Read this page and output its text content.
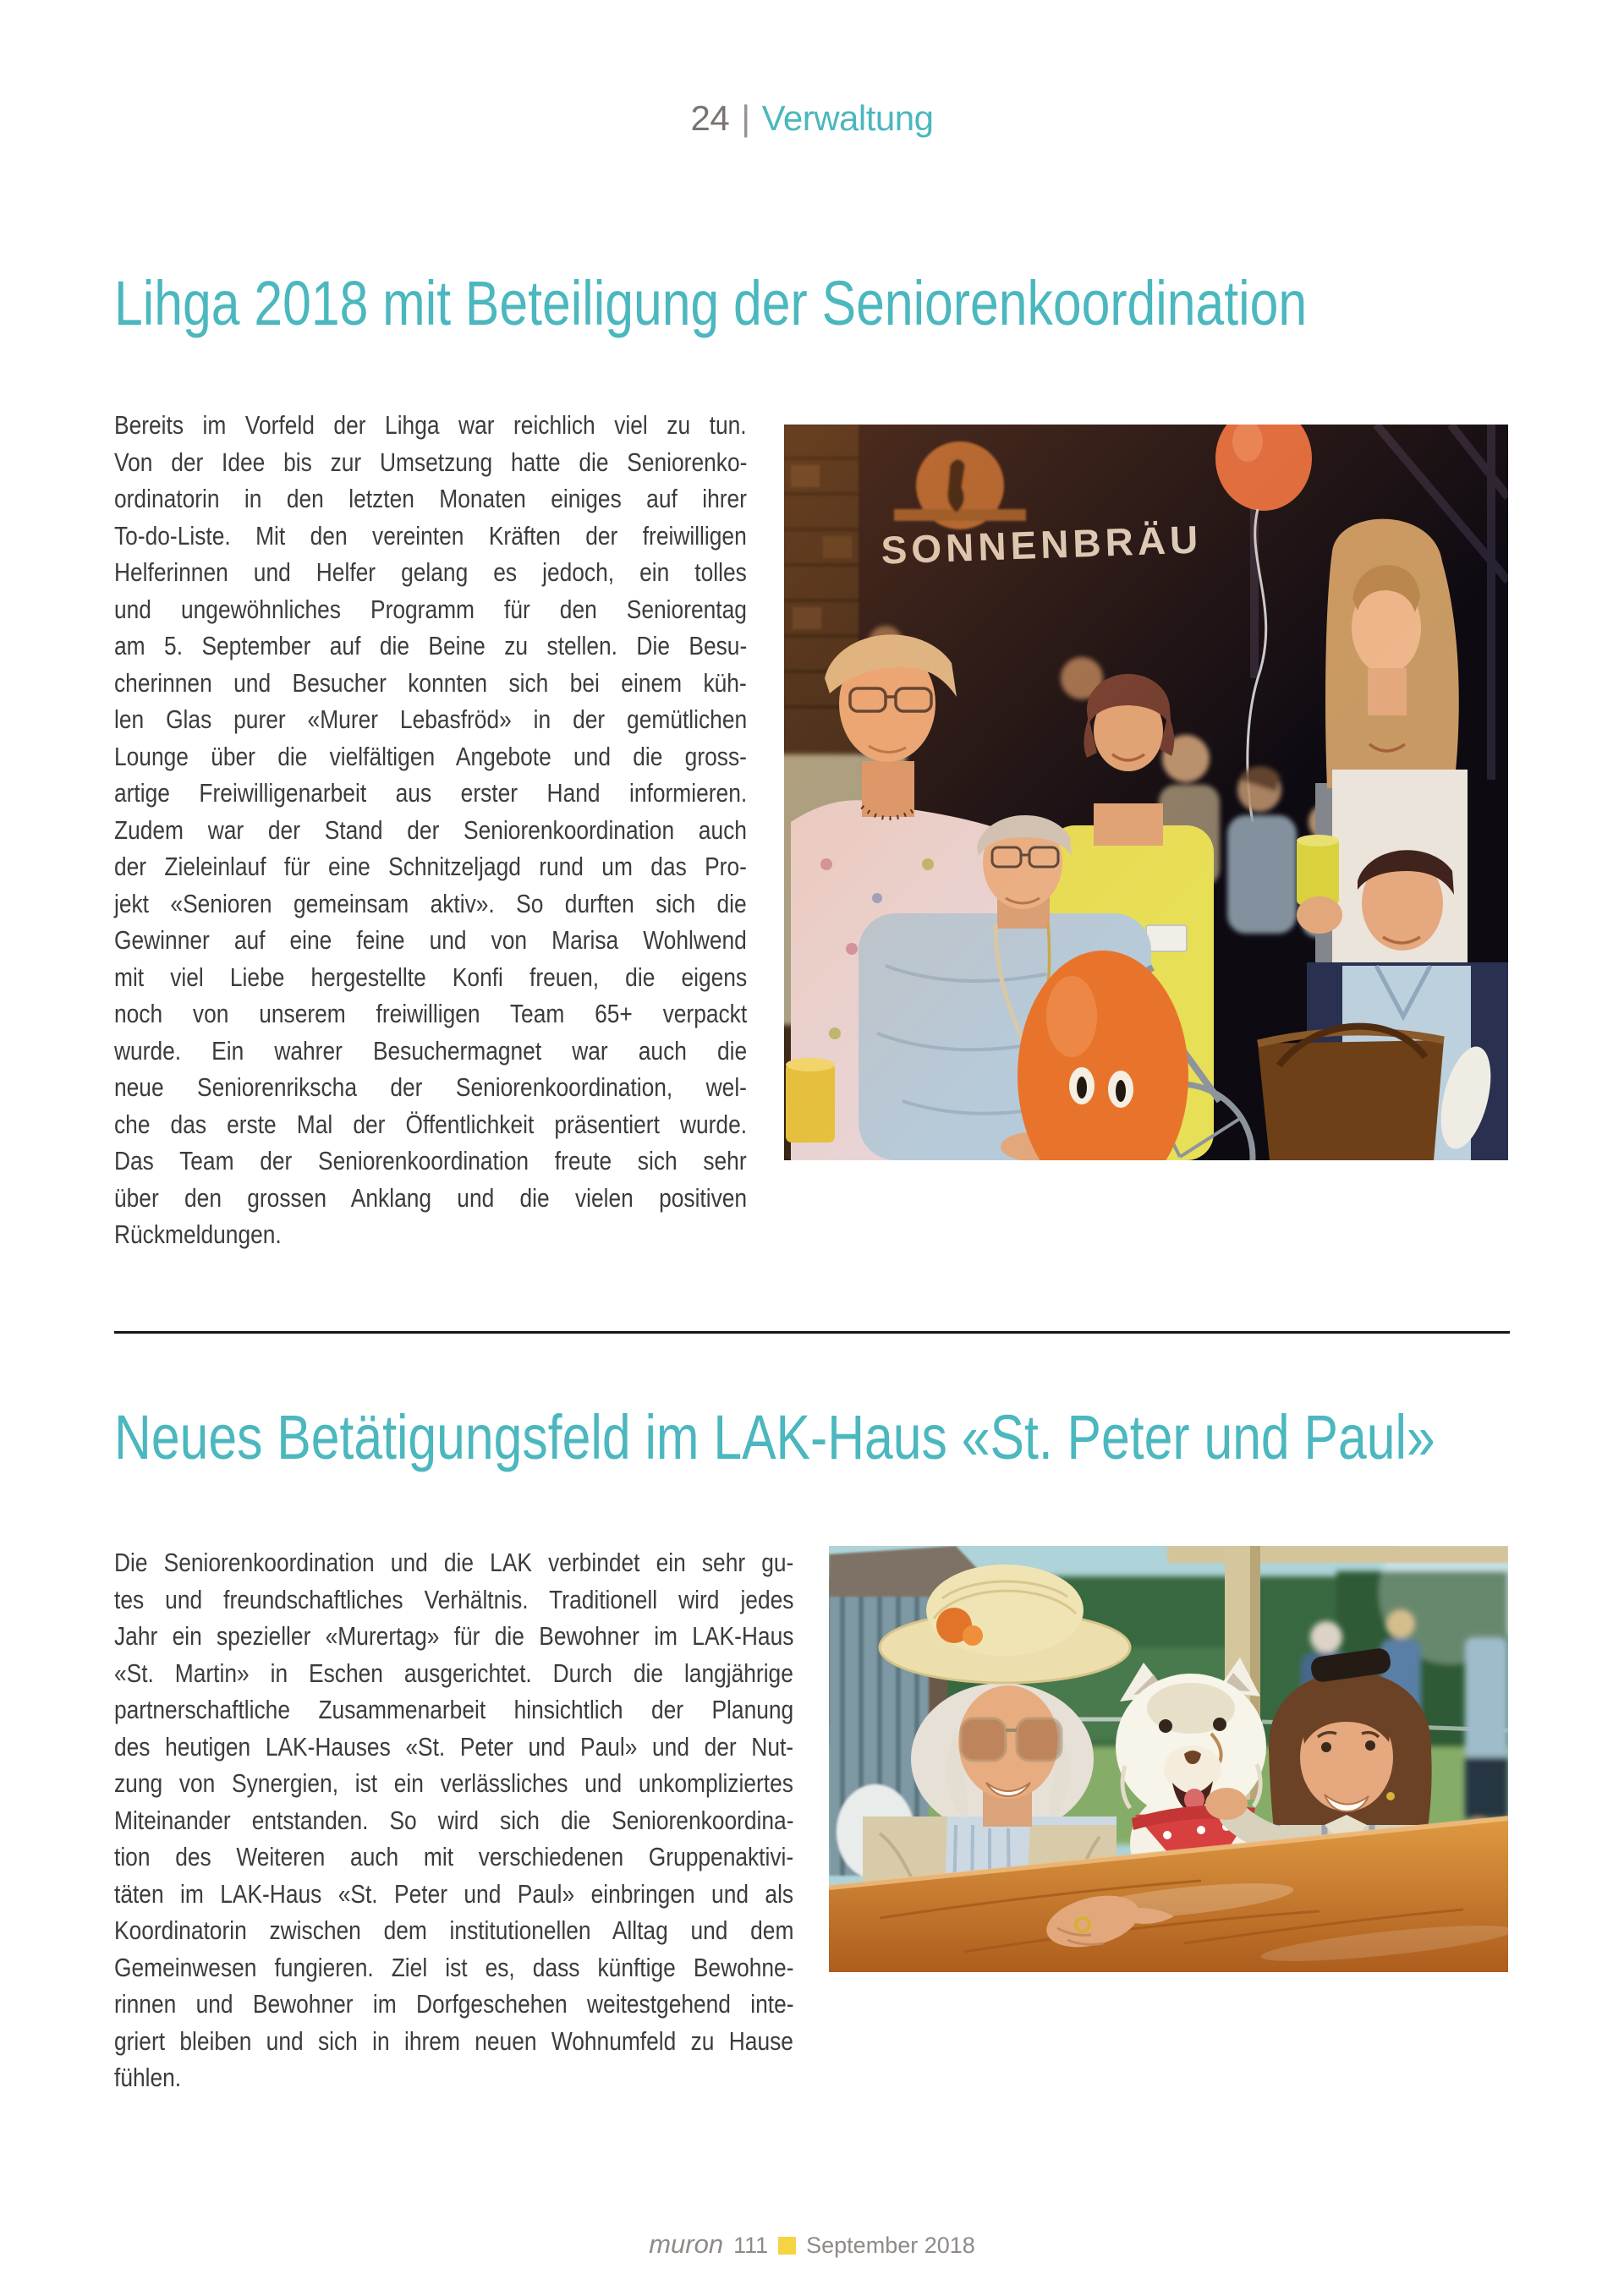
24 | Verwaltung
Lihga 2018 mit Beteiligung der Seniorenkoordination
Bereits im Vorfeld der Lihga war reichlich viel zu tun.
Von der Idee bis zur Umsetzung hatte die Seniorenko-
ordinatorin in den letzten Monaten einiges auf ihrer
To-do-Liste. Mit den vereinten Kräften der freiwilligen
Helferinnen und Helfer gelang es jedoch, ein tolles
und ungewöhnliches Programm für den Seniorentag
am 5. September auf die Beine zu stellen. Die Besu-
cherinnen und Besucher konnten sich bei einem küh-
len Glas purer «Murer Lebasfröd» in der gemütlichen
Lounge über die vielfältigen Angebote und die gross-
artige Freiwilligenarbeit aus erster Hand informieren.
Zudem war der Stand der Seniorenkoordination auch
der Zieleinlauf für eine Schnitzeljagd rund um das Pro-
jekt «Senioren gemeinsam aktiv». So durften sich die
Gewinner auf eine feine und von Marisa Wohlwend
mit viel Liebe hergestellte Konfi freuen, die eigens
noch von unserem freiwilligen Team 65+ verpackt
wurde. Ein wahrer Besuchermagnet war auch die
neue Seniorenrikscha der Seniorenkoordination, wel-
che das erste Mal der Öffentlichkeit präsentiert wurde.
Das Team der Seniorenkoordination freute sich sehr
über den grossen Anklang und die vielen positiven
Rückmeldungen.
Neues Betätigungsfeld im LAK-Haus «St. Peter und Paul»
Die Seniorenkoordination und die LAK verbindet ein sehr gu-
tes und freundschaftliches Verhältnis. Traditionell wird jedes
Jahr ein spezieller «Murertag» für die Bewohner im LAK-Haus
«St. Martin» in Eschen ausgerichtet. Durch die langjährige
partnerschaftliche Zusammenarbeit hinsichtlich der Planung
des heutigen LAK-Hauses «St. Peter und Paul» und der Nut-
zung von Synergien, ist ein verlässliches und unkompliziertes
Miteinander entstanden. So wird sich die Seniorenkoordina-
tion des Weiteren auch mit verschiedenen Gruppenaktivi-
täten im LAK-Haus «St. Peter und Paul» einbringen und als
Koordinatorin zwischen dem institutionellen Alltag und dem
Gemeinwesen fungieren. Ziel ist es, dass künftige Bewohne-
rinnen und Bewohner im Dorfgeschehen weitestgehend inte-
griert bleiben und sich in ihrem neuen Wohnumfeld zu Hause
fühlen.
muron 111 September 2018
